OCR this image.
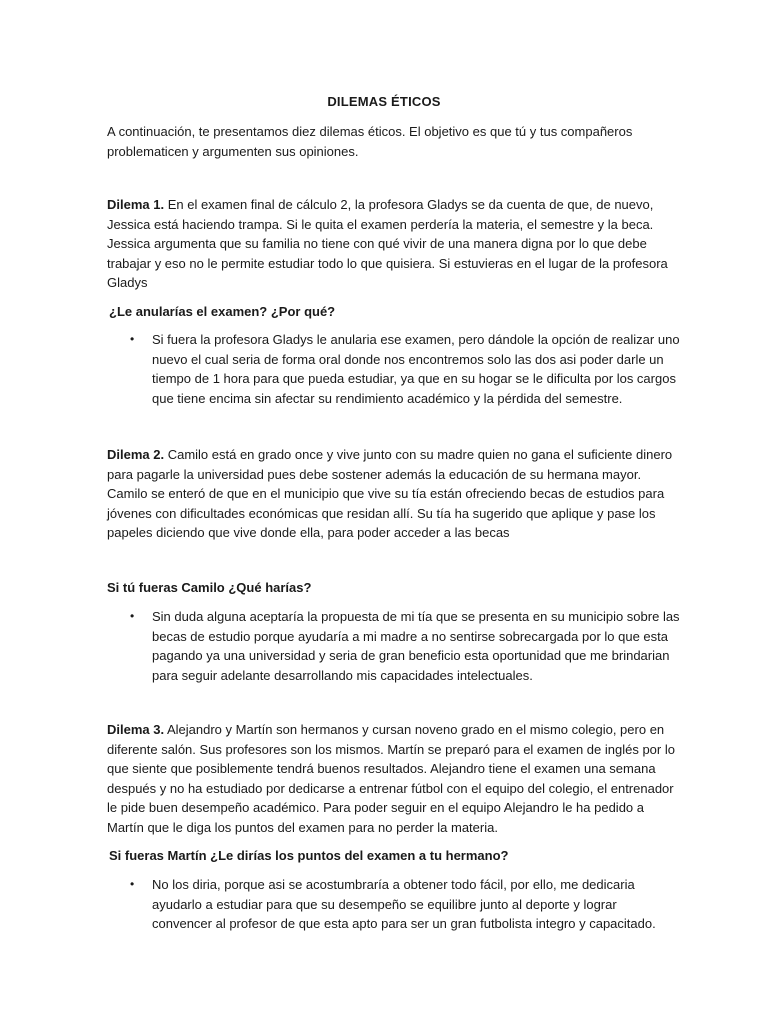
DILEMAS ÉTICOS
A continuación, te presentamos diez dilemas éticos. El objetivo es que tú y tus compañeros
problematicen y argumenten sus opiniones.
Dilema 1. En el examen final de cálculo 2, la profesora Gladys se da cuenta de que, de nuevo,
Jessica está haciendo trampa. Si le quita el examen perdería la materia, el semestre y la beca.
Jessica argumenta que su familia no tiene con qué vivir de una manera digna por lo que debe
trabajar y eso no le permite estudiar todo lo que quisiera. Si estuvieras en el lugar de la profesora
Gladys
¿Le anularías el examen? ¿Por qué?
• Si fuera la profesora Gladys le anularia ese examen, pero dándole la opción de realizar uno
nuevo el cual seria de forma oral donde nos encontremos solo las dos asi poder darle un
tiempo de 1 hora para que pueda estudiar, ya que en su hogar se le dificulta por los cargos
que tiene encima sin afectar su rendimiento académico y la pérdida del semestre.
Dilema 2. Camilo está en grado once y vive junto con su madre quien no gana el suficiente dinero
para pagarle la universidad pues debe sostener además la educación de su hermana mayor.
Camilo se enteró de que en el municipio que vive su tía están ofreciendo becas de estudios para
jóvenes con dificultades económicas que residan allí. Su tía ha sugerido que aplique y pase los
papeles diciendo que vive donde ella, para poder acceder a las becas
Si tú fueras Camilo ¿Qué harías?
• Sin duda alguna aceptaría la propuesta de mi tía que se presenta en su municipio sobre las
becas de estudio porque ayudaría a mi madre a no sentirse sobrecargada por lo que esta
pagando ya una universidad y seria de gran beneficio esta oportunidad que me brindarian
para seguir adelante desarrollando mis capacidades intelectuales.
Dilema 3. Alejandro y Martín son hermanos y cursan noveno grado en el mismo colegio, pero en
diferente salón. Sus profesores son los mismos. Martín se preparó para el examen de inglés por lo
que siente que posiblemente tendrá buenos resultados. Alejandro tiene el examen una semana
después y no ha estudiado por dedicarse a entrenar fútbol con el equipo del colegio, el entrenador
le pide buen desempeño académico. Para poder seguir en el equipo Alejandro le ha pedido a
Martín que le diga los puntos del examen para no perder la materia.
Si fueras Martín ¿Le dirías los puntos del examen a tu hermano?
• No los diria, porque asi se acostumbraría a obtener todo fácil, por ello, me dedicaria
ayudarlo a estudiar para que su desempeño se equilibre junto al deporte y lograr
convencer al profesor de que esta apto para ser un gran futbolista integro y capacitado.
